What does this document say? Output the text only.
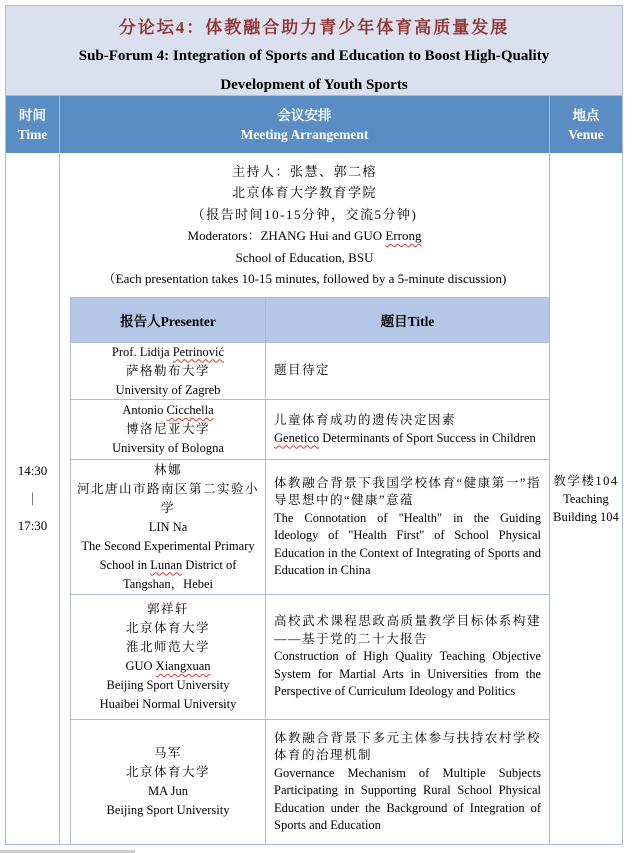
分论坛4：体教融合助力青少年体育高质量发展
Sub-Forum 4: Integration of Sports and Education to Boost High-Quality
Development of Youth Sports
时间
Time
会议安排
Meeting Arrangement
地点
Venue
14:30
｜
17:30
主持人：张慧、郭二榕
北京体育大学教育学院
（报告时间10-15分钟，交流5分钟)
Moderators：ZHANG Hui and GUO Errong
School of Education, BSU
（Each presentation takes 10-15 minutes, followed by a 5-minute discussion)
报告人Presenter	题目Title
Prof. Lidija Petrinović
萨格勒布大学
University of Zagreb

题目待定

Antonio Cicchella
博洛尼亚大学
University of Bologna

儿童体育成功的遗传决定因素

Genetico Determinants of Sport Success in Children

林娜
河北唐山市路南区第二实验小学
LIN Na
The Second Experimental Primary School in Lunan District of Tangshan，Hebei

体教融合背景下我国学校体育“健康第一”指导思想中的“健康”意蕴

The Connotation of "Health" in the Guiding Ideology of "Health First" of School Physical Education in the Context of Integrating of Sports and Education in China

郭祥轩
北京体育大学
淮北师范大学
GUO Xiangxuan
Beijing Sport University
Huaibei Normal University

高校武术课程思政高质量教学目标体系构建——基于党的二十大报告

Construction of High Quality Teaching Objective System for Martial Arts in Universities from the Perspective of Curriculum Ideology and Politics

马军
北京体育大学
MA Jun
Beijing Sport University

体教融合背景下多元主体参与扶持农村学校体育的治理机制

Governance Mechanism of Multiple Subjects Participating in Supporting Rural School Physical Education under the Background of Integration of Sports and Education

教学楼104
Teaching Building 104
